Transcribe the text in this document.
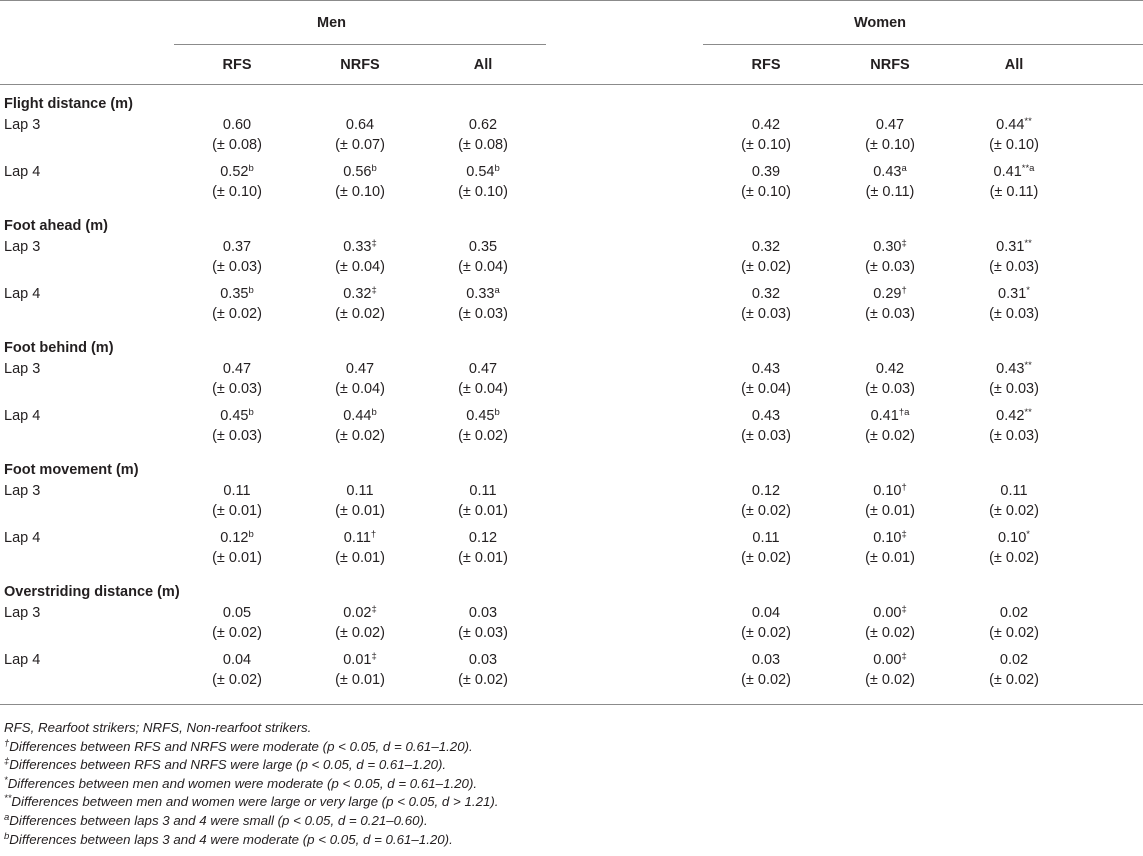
	Men					Women				

		RFS	NRFS	All			RFS	NRFS	All	

Flight distance (m)										
Lap 3		0.60	0.64	0.62			0.42	0.47	0.44**	
		(± 0.08)	(± 0.07)	(± 0.08)			(± 0.10)	(± 0.10)	(± 0.10)	
Lap 4		0.52$^b$	0.56$^b$	0.54$^b$			0.39	0.43$^a$	0.41$^{**a}$	
		(± 0.10)	(± 0.10)	(± 0.10)			(± 0.10)	(± 0.11)	(± 0.11)	
Foot ahead (m)										
Lap 3		0.37	0.33‡	0.35			0.32	0.30‡	0.31**	
		(± 0.03)	(± 0.04)	(± 0.04)			(± 0.02)	(± 0.03)	(± 0.03)	
Lap 4		0.35$^b$	0.32‡	0.33$^a$			0.32	0.29†	0.31*	
		(± 0.02)	(± 0.02)	(± 0.03)			(± 0.03)	(± 0.03)	(± 0.03)	
Foot behind (m)										
Lap 3		0.47	0.47	0.47			0.43	0.42	0.43**	
		(± 0.03)	(± 0.04)	(± 0.04)			(± 0.04)	(± 0.03)	(± 0.03)	
Lap 4		0.45$^b$	0.44$^b$	0.45$^b$			0.43	0.41$^{\dagger a}$	0.42**	
		(± 0.03)	(± 0.02)	(± 0.02)			(± 0.03)	(± 0.02)	(± 0.03)	
Foot movement (m)										
Lap 3		0.11	0.11	0.11			0.12	0.10†	0.11	
		(± 0.01)	(± 0.01)	(± 0.01)			(± 0.02)	(± 0.01)	(± 0.02)	
Lap 4		0.12$^b$	0.11†	0.12			0.11	0.10‡	0.10*	
		(± 0.01)	(± 0.01)	(± 0.01)			(± 0.02)	(± 0.01)	(± 0.02)	
Overstriding distance (m)										
Lap 3		0.05	0.02‡	0.03			0.04	0.00‡	0.02	
		(± 0.02)	(± 0.02)	(± 0.03)			(± 0.02)	(± 0.02)	(± 0.02)	
Lap 4		0.04	0.01‡	0.03			0.03	0.00‡	0.02	
		(± 0.02)	(± 0.01)	(± 0.02)			(± 0.02)	(± 0.02)	(± 0.02)	

RFS, Rearfoot strikers; NRFS, Non-rearfoot strikers.
†Differences between RFS and NRFS were moderate (p < 0.05, d = 0.61–1.20).
‡Differences between RFS and NRFS were large (p < 0.05, d = 0.61–1.20).
*Differences between men and women were moderate (p < 0.05, d = 0.61–1.20).
**Differences between men and women were large or very large (p < 0.05, d > 1.21).
$^a$Differences between laps 3 and 4 were small (p < 0.05, d = 0.21–0.60).
$^b$Differences between laps 3 and 4 were moderate (p < 0.05, d = 0.61–1.20).
